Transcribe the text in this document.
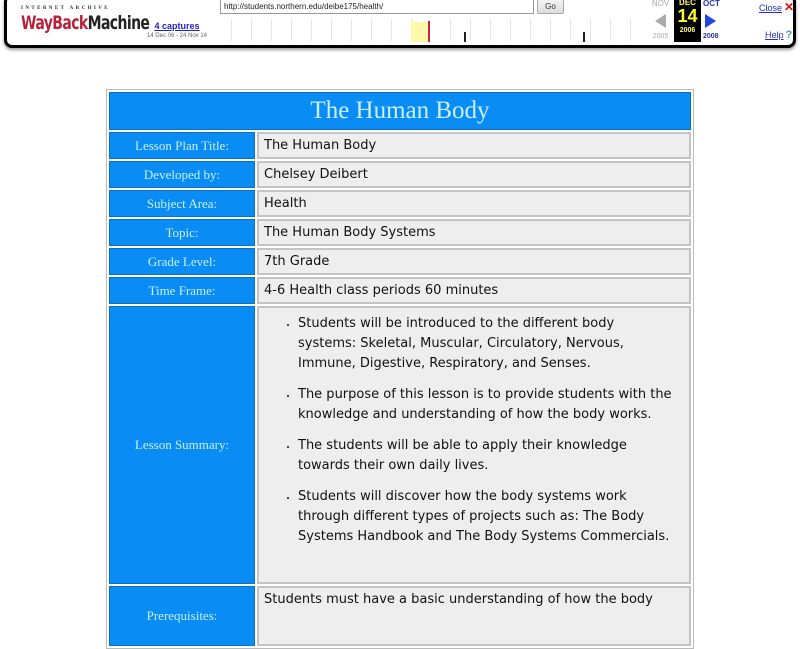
INTERNET ARCHIVE
WayBackMachine 4 captures
14 Dec 06 - 24 Nov 14
http://students.northern.edu/deibe175/health/	Go	NOV
2005
DEC
14
2006
OCT
2008
Close ✕
Help ?
The Human Body	
Lesson Plan Title:	The Human Body
Developed by:	Chelsey Deibert
Subject Area:	Health
Topic:	The Human Body Systems
Grade Level:	7th Grade
Time Frame:	4-6 Health class periods 60 minutes
Lesson Summary:	
• Students will be introduced to the different body systems: Skeletal, Muscular, Circulatory, Nervous, Immune, Digestive, Respiratory, and Senses.
• The purpose of this lesson is to provide students with the knowledge and understanding of how the body works.
• The students will be able to apply their knowledge towards their own daily lives.
• Students will discover how the body systems work through different types of projects such as: The Body Systems Handbook and The Body Systems Commercials.

Prerequisites:	Students must have a basic understanding of how the body
